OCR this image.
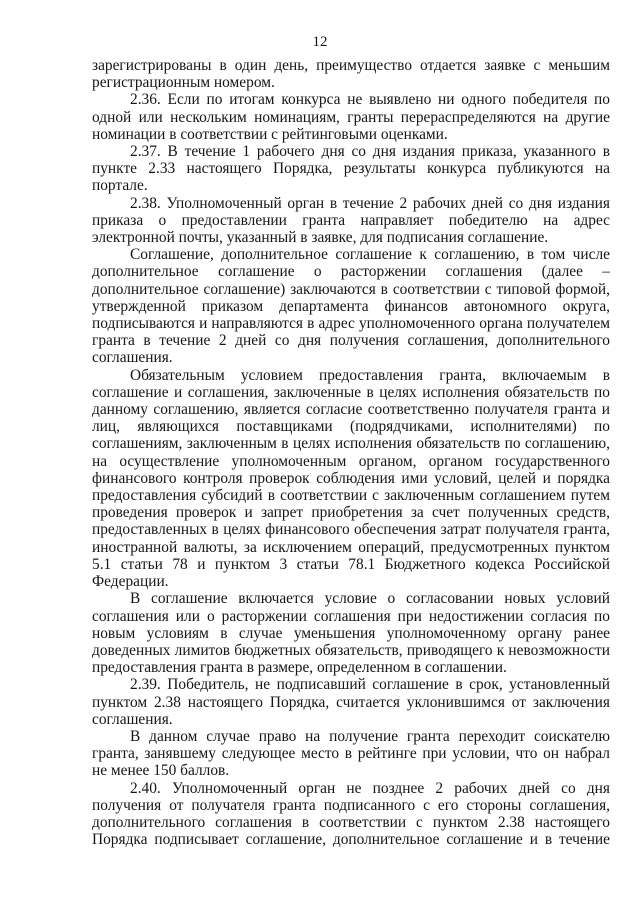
12

зарегистрированы в один день, преимущество отдается заявке с меньшим регистрационным номером.

2.36. Если по итогам конкурса не выявлено ни одного победителя по одной или нескольким номинациям, гранты перераспределяются на другие номинации в соответствии с рейтинговыми оценками.

2.37. В течение 1 рабочего дня со дня издания приказа, указанного в пункте 2.33 настоящего Порядка, результаты конкурса публикуются на портале.

2.38. Уполномоченный орган в течение 2 рабочих дней со дня издания приказа о предоставлении гранта направляет победителю на адрес электронной почты, указанный в заявке, для подписания соглашение.

Соглашение, дополнительное соглашение к соглашению, в том числе дополнительное соглашение о расторжении соглашения (далее – дополнительное соглашение) заключаются в соответствии с типовой формой, утвержденной приказом департамента финансов автономного округа, подписываются и направляются в адрес уполномоченного органа получателем гранта в течение 2 дней со дня получения соглашения, дополнительного соглашения.

Обязательным условием предоставления гранта, включаемым в соглашение и соглашения, заключенные в целях исполнения обязательств по данному соглашению, является согласие соответственно получателя гранта и лиц, являющихся поставщиками (подрядчиками, исполнителями) по соглашениям, заключенным в целях исполнения обязательств по соглашению, на осуществление уполномоченным органом, органом государственного финансового контроля проверок соблюдения ими условий, целей и порядка предоставления субсидий в соответствии с заключенным соглашением путем проведения проверок и запрет приобретения за счет полученных средств, предоставленных в целях финансового обеспечения затрат получателя гранта, иностранной валюты, за исключением операций, предусмотренных пунктом 5.1 статьи 78 и пунктом 3 статьи 78.1 Бюджетного кодекса Российской Федерации.

В соглашение включается условие о согласовании новых условий соглашения или о расторжении соглашения при недостижении согласия по новым условиям в случае уменьшения уполномоченному органу ранее доведенных лимитов бюджетных обязательств, приводящего к невозможности предоставления гранта в размере, определенном в соглашении.

2.39. Победитель, не подписавший соглашение в срок, установленный пунктом 2.38 настоящего Порядка, считается уклонившимся от заключения соглашения.

В данном случае право на получение гранта переходит соискателю гранта, занявшему следующее место в рейтинге при условии, что он набрал не менее 150 баллов.

2.40. Уполномоченный орган не позднее 2 рабочих дней со дня получения от получателя гранта подписанного с его стороны соглашения, дополнительного соглашения в соответствии с пунктом 2.38 настоящего Порядка подписывает соглашение, дополнительное соглашение и в течение
